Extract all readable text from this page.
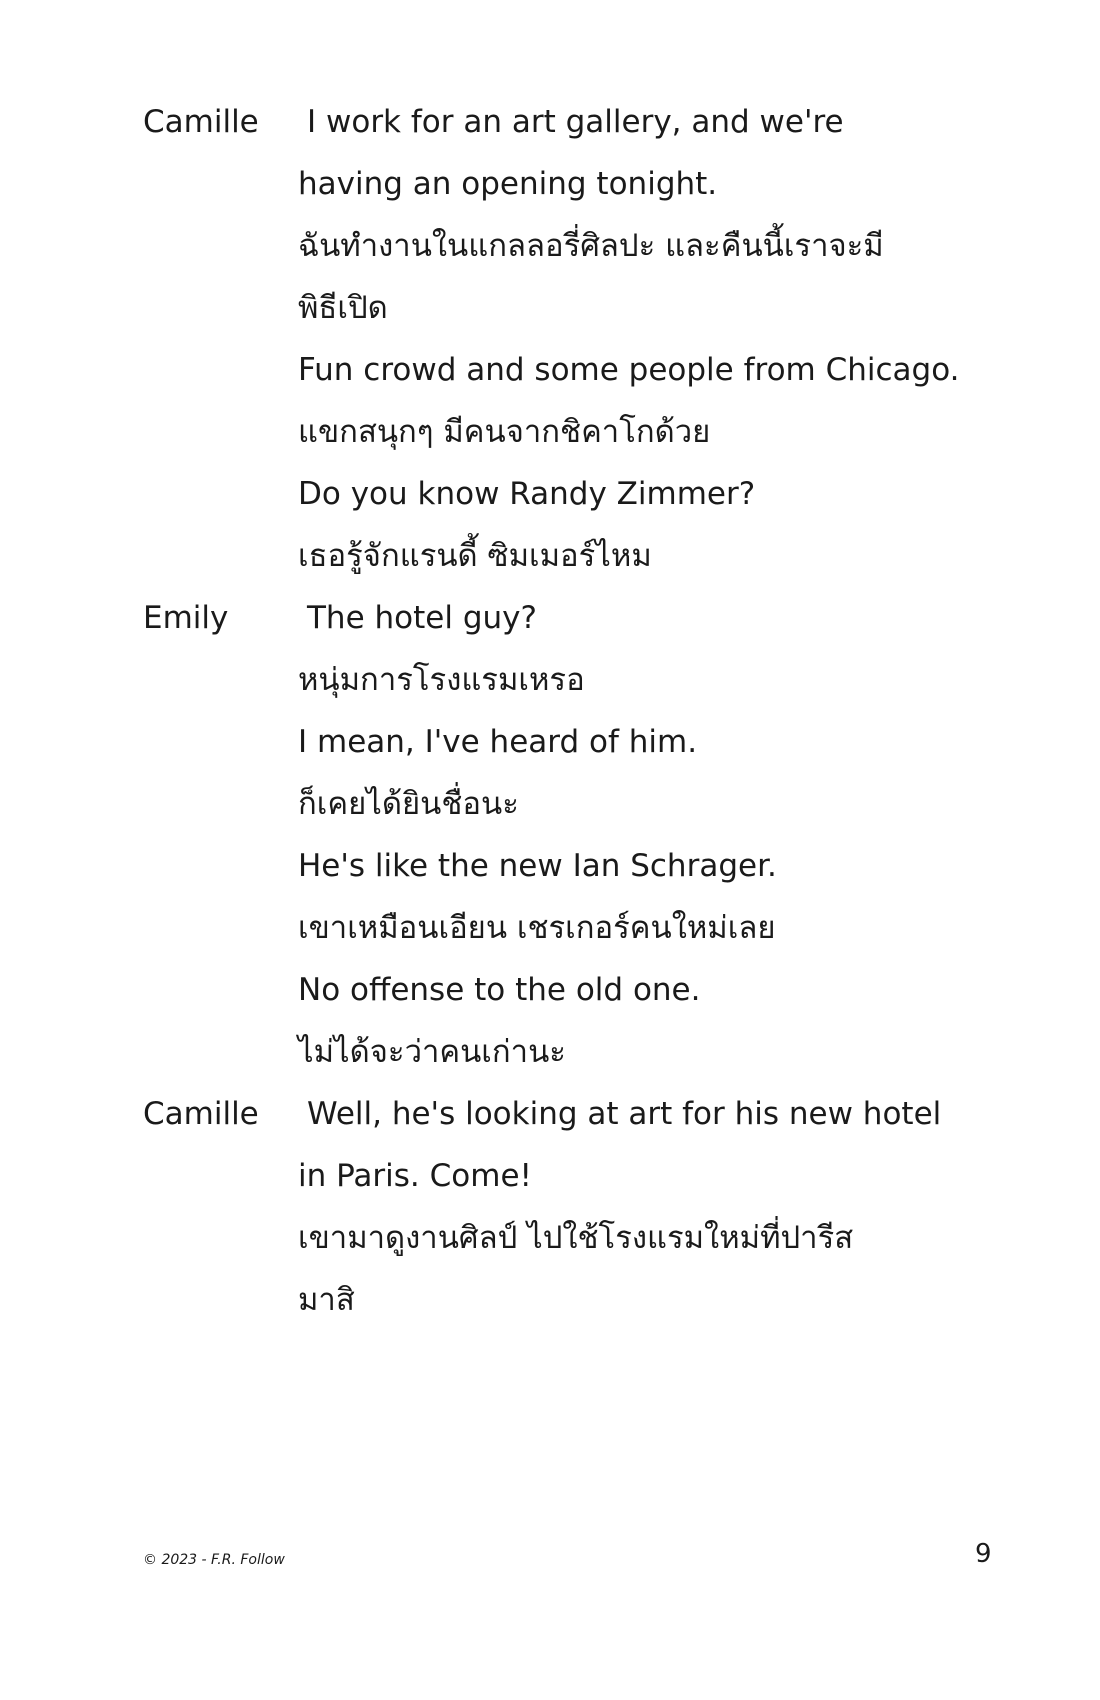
Camille I work for an art gallery, and we're
having an opening tonight.
ฉันทำงานในแกลลอรี่ศิลปะ และคืนนี้เราจะมี
พิธีเปิด
Fun crowd and some people from Chicago.
แขกสนุกๆ มีคนจากชิคาโกด้วย
Do you know Randy Zimmer?
เธอรู้จักแรนดี้ ซิมเมอร์ไหม
Emily	The hotel guy?
หนุ่มการโรงแรมเหรอ
I mean, I've heard of him.
ก็เคยได้ยินชื่อนะ
He's like the new Ian Schrager.
เขาเหมือนเอียน เชรเกอร์คนใหม่เลย
No offense to the old one.
ไม่ได้จะว่าคนเก่านะ
Camille Well, he's looking at art for his new hotel
in Paris. Come!
เขามาดูงานศิลป์ ไปใช้โรงแรมใหม่ที่ปารีส
มาสิ
© 2023 - F.R. Follow	9
